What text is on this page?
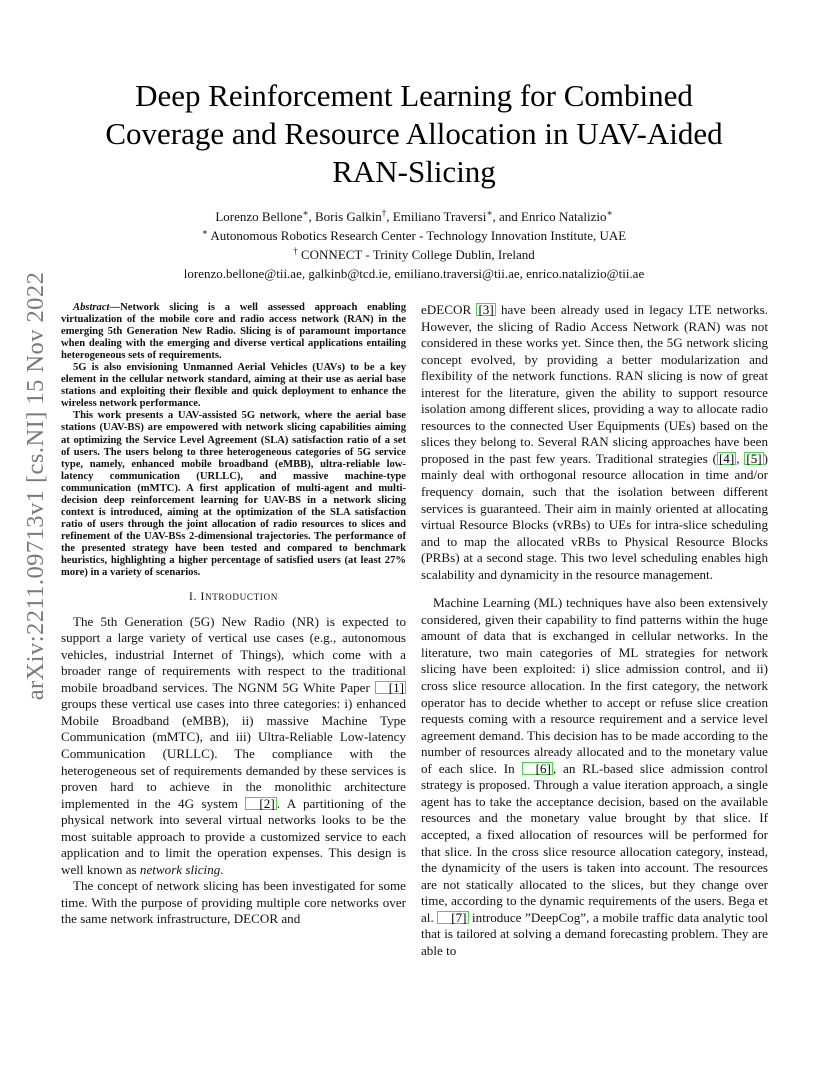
arXiv:2211.09713v1 [cs.NI] 15 Nov 2022
Deep Reinforcement Learning for Combined
Coverage and Resource Allocation in UAV-Aided
RAN-Slicing
Lorenzo Bellone∗, Boris Galkin†, Emiliano Traversi∗, and Enrico Natalizio∗
∗ Autonomous Robotics Research Center - Technology Innovation Institute, UAE
† CONNECT - Trinity College Dublin, Ireland
lorenzo.bellone@tii.ae, galkinb@tcd.ie, emiliano.traversi@tii.ae, enrico.natalizio@tii.ae

Abstract—Network slicing is a well assessed approach enabling virtualization of the mobile core and radio access network (RAN) in the emerging 5th Generation New Radio. Slicing is of paramount importance when dealing with the emerging and diverse vertical applications entailing heterogeneous sets of requirements.

5G is also envisioning Unmanned Aerial Vehicles (UAVs) to be a key element in the cellular network standard, aiming at their use as aerial base stations and exploiting their flexible and quick deployment to enhance the wireless network performance.

This work presents a UAV-assisted 5G network, where the aerial base stations (UAV-BS) are empowered with network slicing capabilities aiming at optimizing the Service Level Agreement (SLA) satisfaction ratio of a set of users. The users belong to three heterogeneous categories of 5G service type, namely, enhanced mobile broadband (eMBB), ultra-reliable low-latency communication (URLLC), and massive machine-type communication (mMTC). A first application of multi-agent and multi-decision deep reinforcement learning for UAV-BS in a network slicing context is introduced, aiming at the optimization of the SLA satisfaction ratio of users through the joint allocation of radio resources to slices and refinement of the UAV-BSs 2-dimensional trajectories. The performance of the presented strategy have been tested and compared to benchmark heuristics, highlighting a higher percentage of satisfied users (at least 27% more) in a variety of scenarios.

I. INTRODUCTION

The 5th Generation (5G) New Radio (NR) is expected to support a large variety of vertical use cases (e.g., autonomous vehicles, industrial Internet of Things), which come with a broader range of requirements with respect to the traditional mobile broadband services. The NGNM 5G White Paper [1] groups these vertical use cases into three categories: i) enhanced Mobile Broadband (eMBB), ii) massive Machine Type Communication (mMTC), and iii) Ultra-Reliable Low-latency Communication (URLLC). The compliance with the heterogeneous set of requirements demanded by these services is proven hard to achieve in the monolithic architecture implemented in the 4G system [2] . A partitioning of the physical network into several virtual networks looks to be the most suitable approach to provide a customized service to each application and to limit the operation expenses. This design is well known as network slicing.

The concept of network slicing has been investigated for some time. With the purpose of providing multiple core networks over the same network infrastructure, DECOR and

eDECOR [3] have been already used in legacy LTE networks. However, the slicing of Radio Access Network (RAN) was not considered in these works yet. Since then, the 5G network slicing concept evolved, by providing a better modularization and flexibility of the network functions. RAN slicing is now of great interest for the literature, given the ability to support resource isolation among different slices, providing a way to allocate radio resources to the connected User Equipments (UEs) based on the slices they belong to. Several RAN slicing approaches have been proposed in the past few years. Traditional strategies ( [4] , [5] ) mainly deal with orthogonal resource allocation in time and/or frequency domain, such that the isolation between different services is guaranteed. Their aim in mainly oriented at allocating virtual Resource Blocks (vRBs) to UEs for intra-slice scheduling and to map the allocated vRBs to Physical Resource Blocks (PRBs) at a second stage. This two level scheduling enables high scalability and dynamicity in the resource management.

Machine Learning (ML) techniques have also been extensively considered, given their capability to find patterns within the huge amount of data that is exchanged in cellular networks. In the literature, two main categories of ML strategies for network slicing have been exploited: i) slice admission control, and ii) cross slice resource allocation. In the first category, the network operator has to decide whether to accept or refuse slice creation requests coming with a resource requirement and a service level agreement demand. This decision has to be made according to the number of resources already allocated and to the monetary value of each slice. In [6] , an RL-based slice admission control strategy is proposed. Through a value iteration approach, a single agent has to take the acceptance decision, based on the available resources and the monetary value brought by that slice. If accepted, a fixed allocation of resources will be performed for that slice. In the cross slice resource allocation category, instead, the dynamicity of the users is taken into account. The resources are not statically allocated to the slices, but they change over time, according to the dynamic requirements of the users. Bega et al. [7] introduce ”DeepCog”, a mobile traffic data analytic tool that is tailored at solving a demand forecasting problem. They are able to
